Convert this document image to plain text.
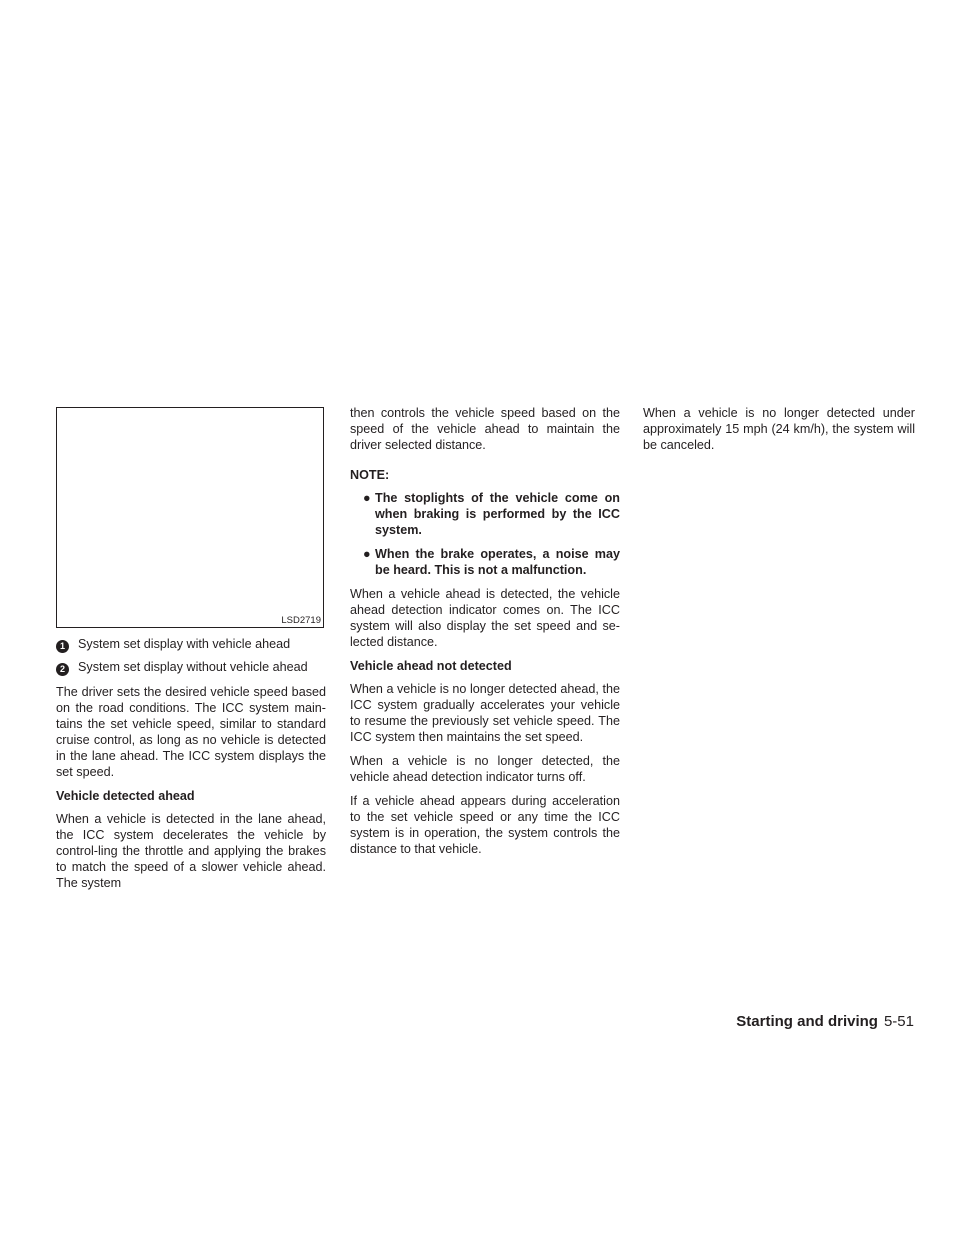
LSD2719
1 System set display with vehicle ahead
2 System set display without vehicle ahead

The driver sets the desired vehicle speed based on the road conditions. The ICC system main-tains the set vehicle speed, similar to standard cruise control, as long as no vehicle is detected in the lane ahead. The ICC system displays the set speed.

Vehicle detected ahead

When a vehicle is detected in the lane ahead, the ICC system decelerates the vehicle by control-ling the throttle and applying the brakes to match the speed of a slower vehicle ahead. The system

then controls the vehicle speed based on the speed of the vehicle ahead to maintain the driver selected distance.

NOTE:
● The stoplights of the vehicle come on when braking is performed by the ICC system.
● When the brake operates, a noise may be heard. This is not a malfunction.

When a vehicle ahead is detected, the vehicle ahead detection indicator comes on. The ICC system will also display the set speed and se-lected distance.

Vehicle ahead not detected

When a vehicle is no longer detected ahead, the ICC system gradually accelerates your vehicle to resume the previously set vehicle speed. The ICC system then maintains the set speed.

When a vehicle is no longer detected, the vehicle ahead detection indicator turns off.

If a vehicle ahead appears during acceleration to the set vehicle speed or any time the ICC system is in operation, the system controls the distance to that vehicle.

When a vehicle is no longer detected under approximately 15 mph (24 km/h), the system will be canceled.

Starting and driving 5-51
